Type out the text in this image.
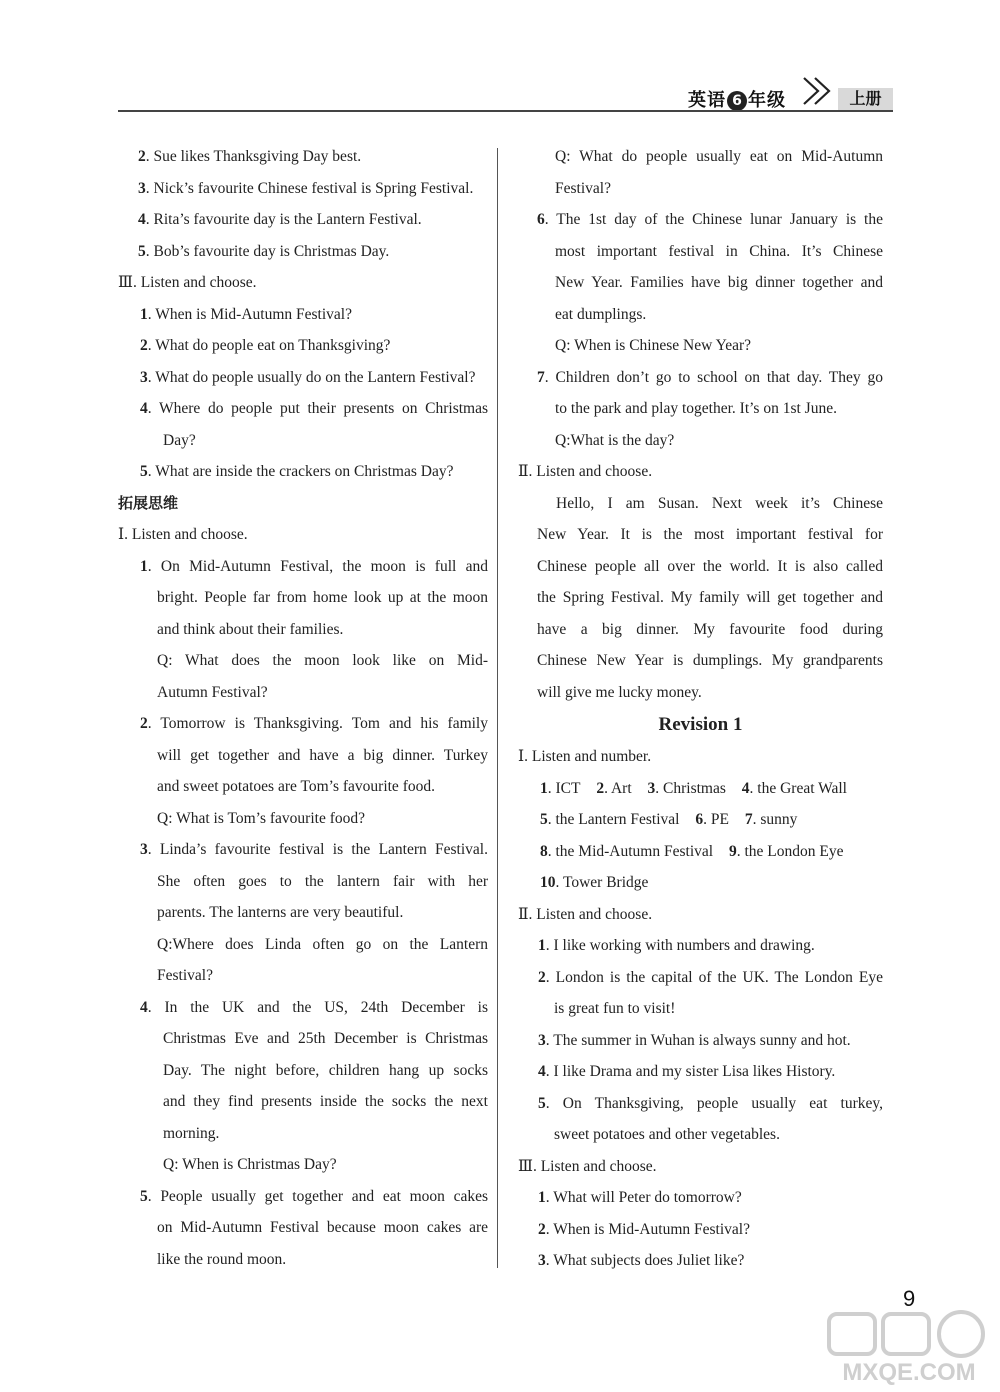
英语 6 年级	上册

2. Sue likes Thanksgiving Day best.

3. Nick’s favourite Chinese festival is Spring Festival.

4. Rita’s favourite day is the Lantern Festival.

5. Bob’s favourite day is Christmas Day.

Ⅲ. Listen and choose.

1. When is Mid-Autumn Festival?

2. What do people eat on Thanksgiving?

3. What do people usually do on the Lantern Festival?

4. Where do people put their presents on Christmas

Day?

5. What are inside the crackers on Christmas Day?

拓展思维

Ⅰ. Listen and choose.

1. On Mid-Autumn Festival, the moon is full and

bright. People far from home look up at the moon

and think about their families.

Q: What does the moon look like on Mid-

Autumn Festival?

2. Tomorrow is Thanksgiving. Tom and his family

will get together and have a big dinner. Turkey

and sweet potatoes are Tom’s favourite food.

Q: What is Tom’s favourite food?

3. Linda’s favourite festival is the Lantern Festival.

She often goes to the lantern fair with her

parents. The lanterns are very beautiful.

Q:Where does Linda often go on the Lantern

Festival?

4. In the UK and the US, 24th December is

Christmas Eve and 25th December is Christmas

Day. The night before, children hang up socks

and they find presents inside the socks the next

morning.

Q: When is Christmas Day?

5. People usually get together and eat moon cakes

on Mid-Autumn Festival because moon cakes are

like the round moon.

Q: What do people usually eat on Mid-Autumn

Festival?

6. The 1st day of the Chinese lunar January is the

most important festival in China. It’s Chinese

New Year. Families have big dinner together and

eat dumplings.

Q: When is Chinese New Year?

7. Children don’t go to school on that day. They go

to the park and play together. It’s on 1st June.

Q:What is the day?

Ⅱ. Listen and choose.

Hello, I am Susan. Next week it’s Chinese

New Year. It is the most important festival for

Chinese people all over the world. It is also called

the Spring Festival. My family will get together and

have a big dinner. My favourite food during

Chinese New Year is dumplings. My grandparents

will give me lucky money.

Revision 1

Ⅰ. Listen and number.

1. ICT 2. Art 3. Christmas 4. the Great Wall

5. the Lantern Festival 6. PE 7. sunny

8. the Mid-Autumn Festival 9. the London Eye

10. Tower Bridge

Ⅱ. Listen and choose.

1. I like working with numbers and drawing.

2. London is the capital of the UK. The London Eye

is great fun to visit!

3. The summer in Wuhan is always sunny and hot.

4. I like Drama and my sister Lisa likes History.

5. On Thanksgiving, people usually eat turkey,

sweet potatoes and other vegetables.

Ⅲ. Listen and choose.

1. What will Peter do tomorrow?

2. When is Mid-Autumn Festival?

3. What subjects does Juliet like?

9
MXQE.COM
